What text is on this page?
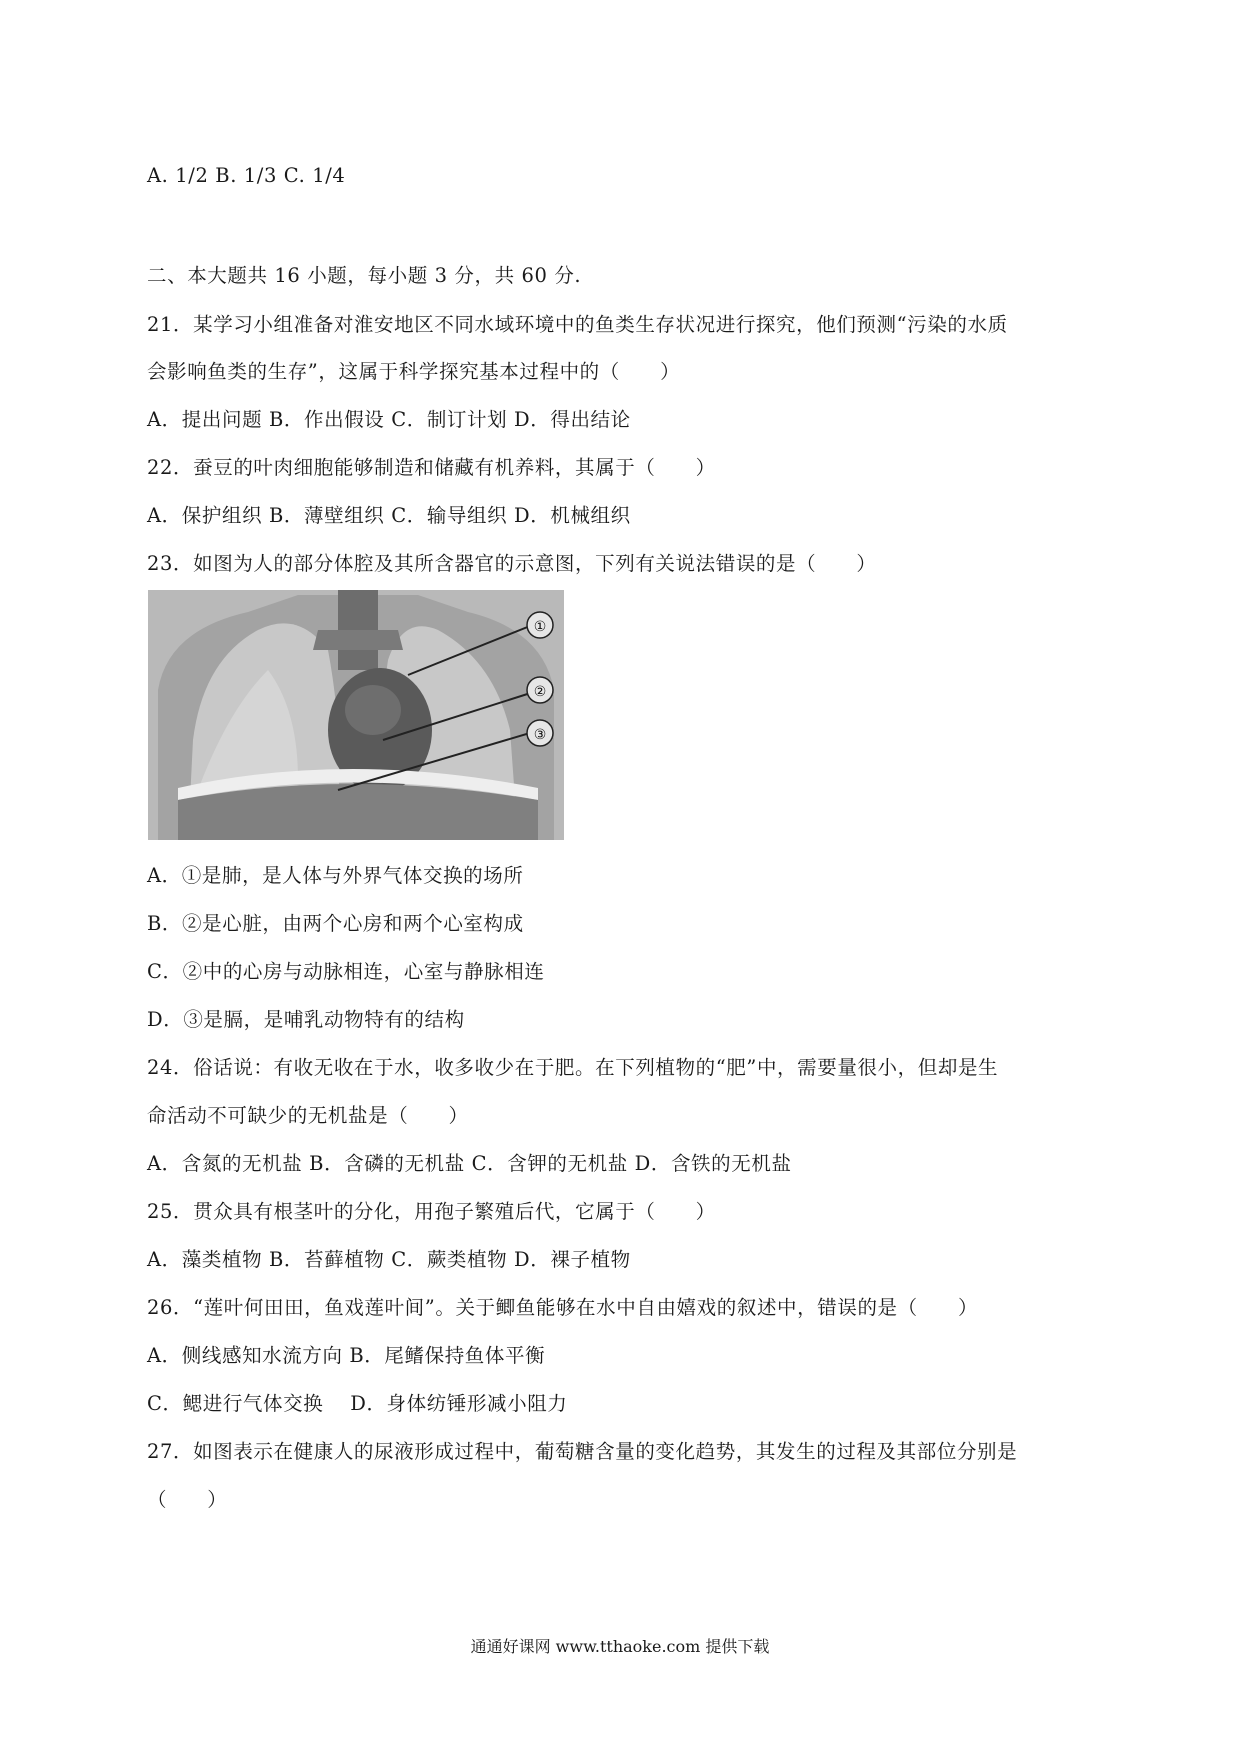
A. 1/2 B. 1/3 C. 1/4
二、本大题共 16 小题，每小题 3 分，共 60 分.
21．某学习小组准备对淮安地区不同水域环境中的鱼类生存状况进行探究，他们预测“污染的水质
会影响鱼类的生存”，这属于科学探究基本过程中的（　　）
A．提出问题 B．作出假设 C．制订计划 D．得出结论
22．蚕豆的叶肉细胞能够制造和储藏有机养料，其属于（　　）
A．保护组织 B．薄壁组织 C．输导组织 D．机械组织
23．如图为人的部分体腔及其所含器官的示意图，下列有关说法错误的是（　　）
①
②
③
A．①是肺，是人体与外界气体交换的场所
B．②是心脏，由两个心房和两个心室构成
C．②中的心房与动脉相连，心室与静脉相连
D．③是膈，是哺乳动物特有的结构
24．俗话说：有收无收在于水，收多收少在于肥。在下列植物的“肥”中，需要量很小，但却是生
命活动不可缺少的无机盐是（　　）
A．含氮的无机盐 B．含磷的无机盐 C．含钾的无机盐 D．含铁的无机盐
25．贯众具有根茎叶的分化，用孢子繁殖后代，它属于（　　）
A．藻类植物 B．苔藓植物 C．蕨类植物 D．裸子植物
26．“莲叶何田田，鱼戏莲叶间”。关于鲫鱼能够在水中自由嬉戏的叙述中，错误的是（　　）
A．侧线感知水流方向 B．尾鳍保持鱼体平衡
C．鳃进行气体交换　 D．身体纺锤形减小阻力
27．如图表示在健康人的尿液形成过程中，葡萄糖含量的变化趋势，其发生的过程及其部位分别是
（　　）
通通好课网 www.tthaoke.com 提供下载
